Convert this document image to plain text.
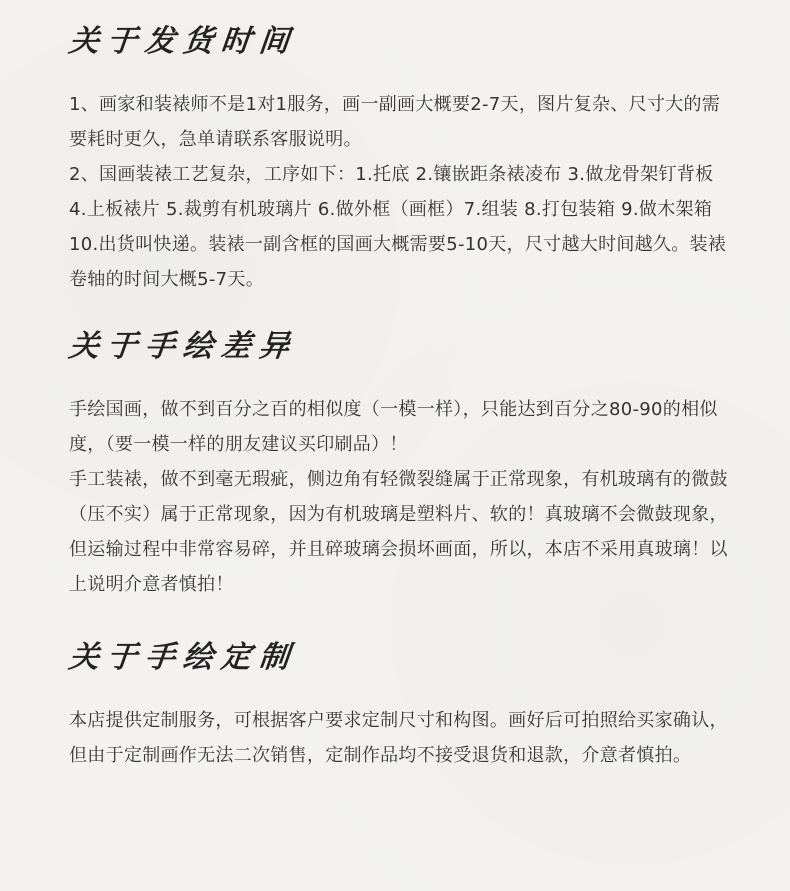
关于发货时间

1、画家和装裱师不是1对1服务，画一副画大概要2-7天，图片复杂、尺寸大的需要耗时更久，急单请联系客服说明。

2、国画装裱工艺复杂，工序如下：1.托底 2.镶嵌距条裱凌布 3.做龙骨架钉背板 4.上板裱片 5.裁剪有机玻璃片 6.做外框（画框）7.组装 8.打包装箱 9.做木架箱 10.出货叫快递。装裱一副含框的国画大概需要5-10天，尺寸越大时间越久。装裱卷轴的时间大概5-7天。

关于手绘差异

手绘国画，做不到百分之百的相似度（一模一样），只能达到百分之80-90的相似度，（要一模一样的朋友建议买印刷品）！

手工装裱，做不到毫无瑕疵，侧边角有轻微裂缝属于正常现象，有机玻璃有的微鼓（压不实）属于正常现象，因为有机玻璃是塑料片、软的！真玻璃不会微鼓现象，但运输过程中非常容易碎，并且碎玻璃会损坏画面，所以，本店不采用真玻璃！以上说明介意者慎拍！

关于手绘定制

本店提供定制服务，可根据客户要求定制尺寸和构图。画好后可拍照给买家确认，但由于定制画作无法二次销售，定制作品均不接受退货和退款，介意者慎拍。
